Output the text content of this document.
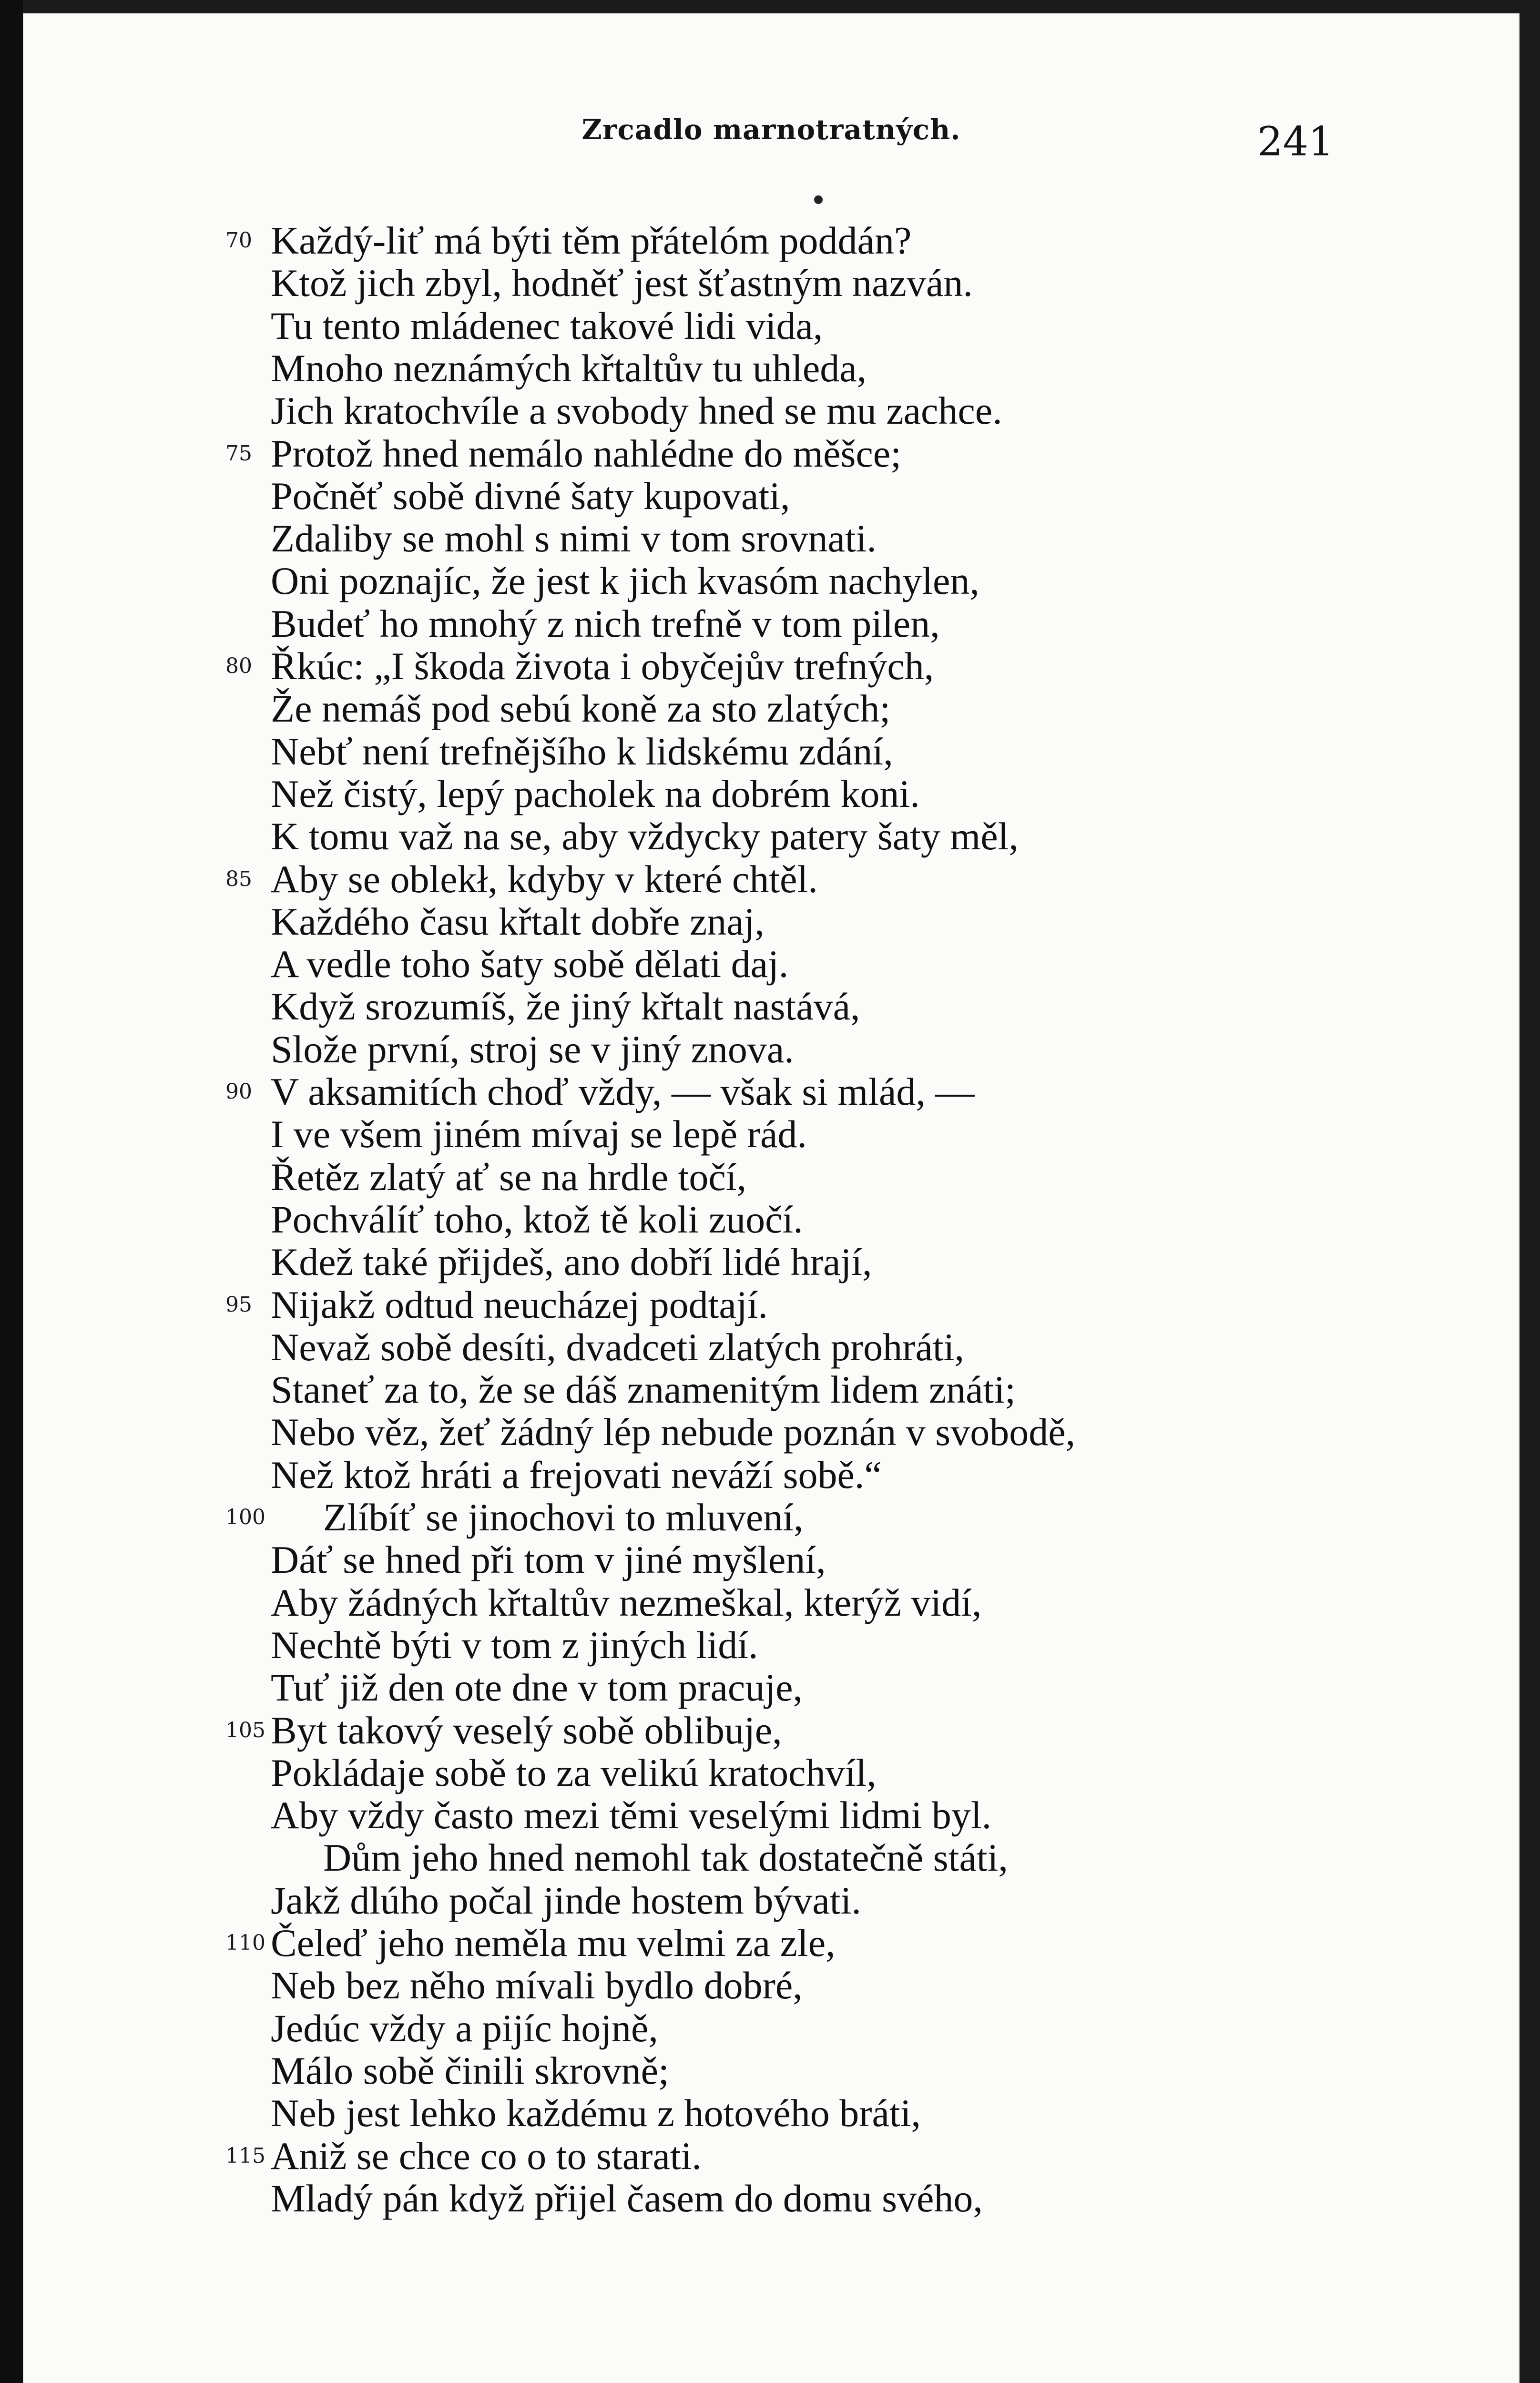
Zrcadlo marnotratných.	241
70 Každý-liť má býti těm přátelóm poddán?
Ktož jich zbyl, hodněť jest šťastným nazván.
Tu tento mládenec takové lidi vida,
Mnoho neznámých křtaltův tu uhleda,
Jich kratochvíle a svobody hned se mu zachce.
75 Protož hned nemálo nahlédne do měšce;
Počněť sobě divné šaty kupovati,
Zdaliby se mohl s nimi v tom srovnati.
Oni poznajíc, že jest k jich kvasóm nachylen,
Budeť ho mnohý z nich trefně v tom pilen,
80 Řkúc: „I škoda života i obyčejův trefných,
Že nemáš pod sebú koně za sto zlatých;
Nebť není trefnějšího k lidskému zdání,
Než čistý, lepý pacholek na dobrém koni.
K tomu važ na se, aby vždycky patery šaty měl,
85 Aby se oblekł, kdyby v které chtěl.
Každého času křtalt dobře znaj,
A vedle toho šaty sobě dělati daj.
Když srozumíš, že jiný křtalt nastává,
Slože první, stroj se v jiný znova.
90 V aksamitích choď vždy, — však si mlád, —
I ve všem jiném mívaj se lepě rád.
Řetěz zlatý ať se na hrdle točí,
Pochválíť toho, ktož tě koli zuočí.
Kdež také přijdeš, ano dobří lidé hrají,
95 Nijakž odtud neucházej podtají.
Nevaž sobě desíti, dvadceti zlatých prohráti,
Staneť za to, že se dáš znamenitým lidem znáti;
Nebo věz, žeť žádný lép nebude poznán v svobodě,
Než ktož hráti a frejovati neváží sobě.“
100	Zlíbíť se jinochovi to mluvení,
Dáť se hned při tom v jiné myšlení,
Aby žádných křtaltův nezmeškal, kterýž vidí,
Nechtě býti v tom z jiných lidí.
Tuť již den ote dne v tom pracuje,
105 Byt takový veselý sobě oblibuje,
Pokládaje sobě to za velikú kratochvíl,
Aby vždy často mezi těmi veselými lidmi byl.
Dům jeho hned nemohl tak dostatečně státi,
Jakž dlúho počal jinde hostem bývati.
110 Čeleď jeho neměla mu velmi za zle,
Neb bez něho mívali bydlo dobré,
Jedúc vždy a pijíc hojně,
Málo sobě činili skrovně;
Neb jest lehko každému z hotového bráti,
115 Aniž se chce co o to starati.
Mladý pán když přijel časem do domu svého,
